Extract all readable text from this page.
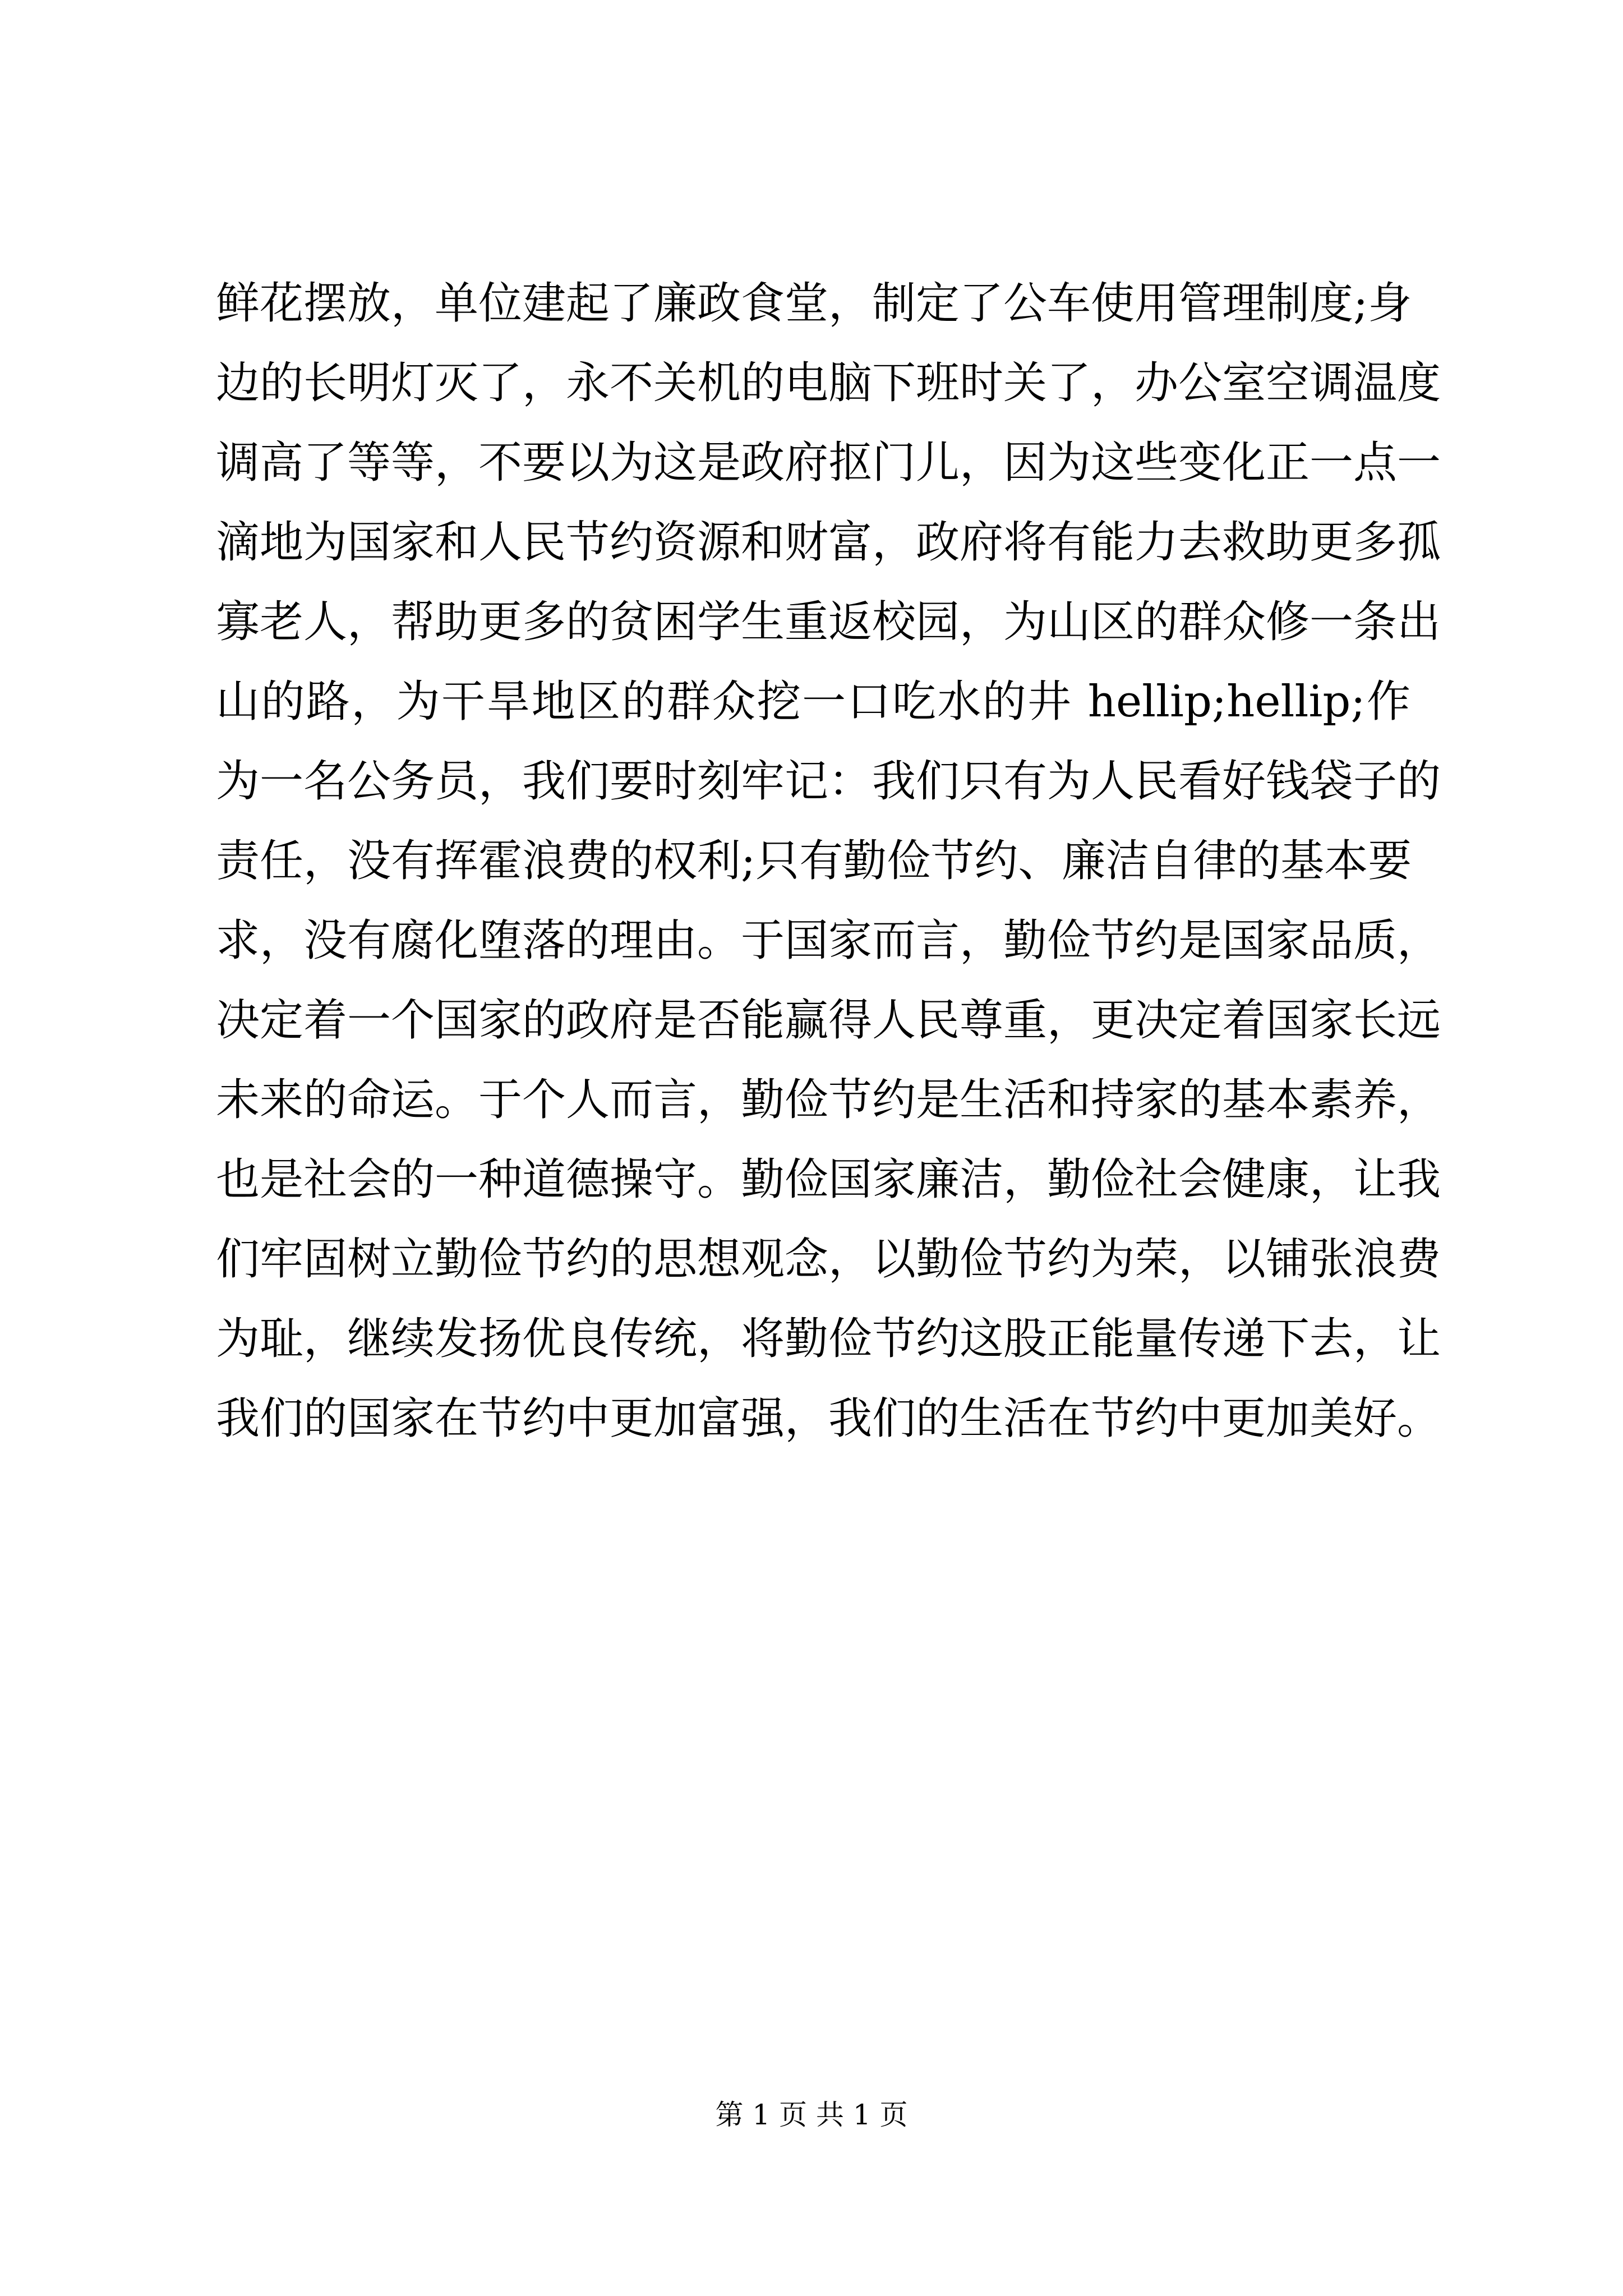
鲜花摆放，单位建起了廉政食堂，制定了公车使用管理制度;身
边的长明灯灭了，永不关机的电脑下班时关了，办公室空调温度
调高了等等，不要以为这是政府抠门儿，因为这些变化正一点一
滴地为国家和人民节约资源和财富，政府将有能力去救助更多孤
寡老人，帮助更多的贫困学生重返校园，为山区的群众修一条出
山的路，为干旱地区的群众挖一口吃水的井 hellip;hellip;作
为一名公务员，我们要时刻牢记：我们只有为人民看好钱袋子的
责任，没有挥霍浪费的权利;只有勤俭节约、廉洁自律的基本要
求，没有腐化堕落的理由。于国家而言，勤俭节约是国家品质，
决定着一个国家的政府是否能赢得人民尊重，更决定着国家长远
未来的命运。于个人而言，勤俭节约是生活和持家的基本素养，
也是社会的一种道德操守。勤俭国家廉洁，勤俭社会健康，让我
们牢固树立勤俭节约的思想观念，以勤俭节约为荣，以铺张浪费
为耻，继续发扬优良传统，将勤俭节约这股正能量传递下去，让
我们的国家在节约中更加富强，我们的生活在节约中更加美好。
第 1 页 共 1 页
